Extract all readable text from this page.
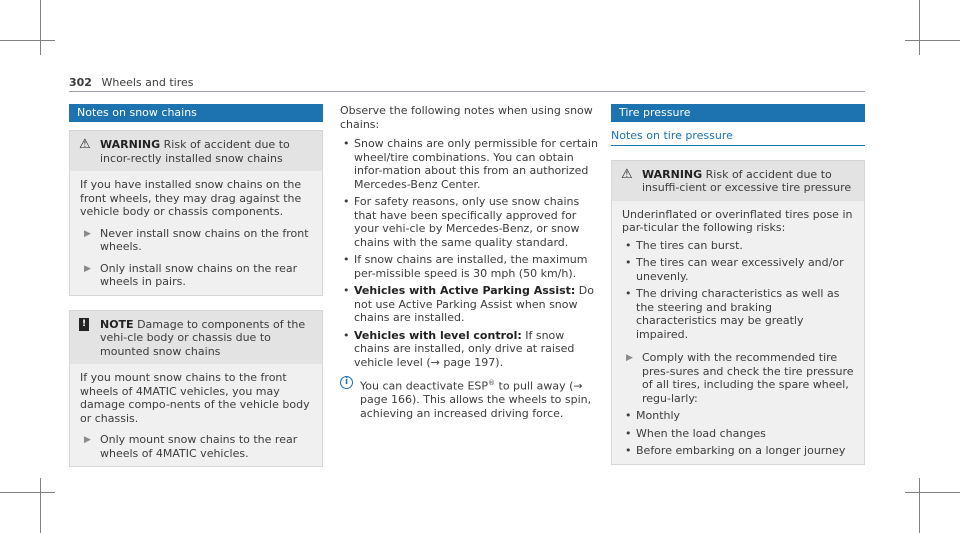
302 Wheels and tires
Notes on snow chains
⚠ WARNING Risk of accident due to incor-rectly installed snow chains

If you have installed snow chains on the front wheels, they may drag against the vehicle body or chassis components.

▶ Never install snow chains on the front wheels.
▶ Only install snow chains on the rear wheels in pairs.
! NOTE Damage to components of the vehi-cle body or chassis due to mounted snow chains

If you mount snow chains to the front wheels of 4MATIC vehicles, you may damage compo-nents of the vehicle body or chassis.

▶ Only mount snow chains to the rear wheels of 4MATIC vehicles.

Observe the following notes when using snow chains:

• Snow chains are only permissible for certain wheel/tire combinations. You can obtain infor-mation about this from an authorized Mercedes-Benz Center.
• For safety reasons, only use snow chains that have been specifically approved for your vehi-cle by Mercedes-Benz, or snow chains with the same quality standard.
• If snow chains are installed, the maximum per-missible speed is 30 mph (50 km/h).
• Vehicles with Active Parking Assist: Do not use Active Parking Assist when snow chains are installed.
• Vehicles with level control: If snow chains are installed, only drive at raised vehicle level (→ page 197).
i	You can deactivate ESP® to pull away (→ page 166). This allows the wheels to spin, achieving an increased driving force.
Tire pressure
Notes on tire pressure
⚠ WARNING Risk of accident due to insuffi-cient or excessive tire pressure

Underinflated or overinflated tires pose in par-ticular the following risks:

• The tires can burst.
• The tires can wear excessively and/or unevenly.
• The driving characteristics as well as the steering and braking characteristics may be greatly impaired.
▶ Comply with the recommended tire pres-sures and check the tire pressure of all tires, including the spare wheel, regu-larly:
• Monthly
• When the load changes
• Before embarking on a longer journey
